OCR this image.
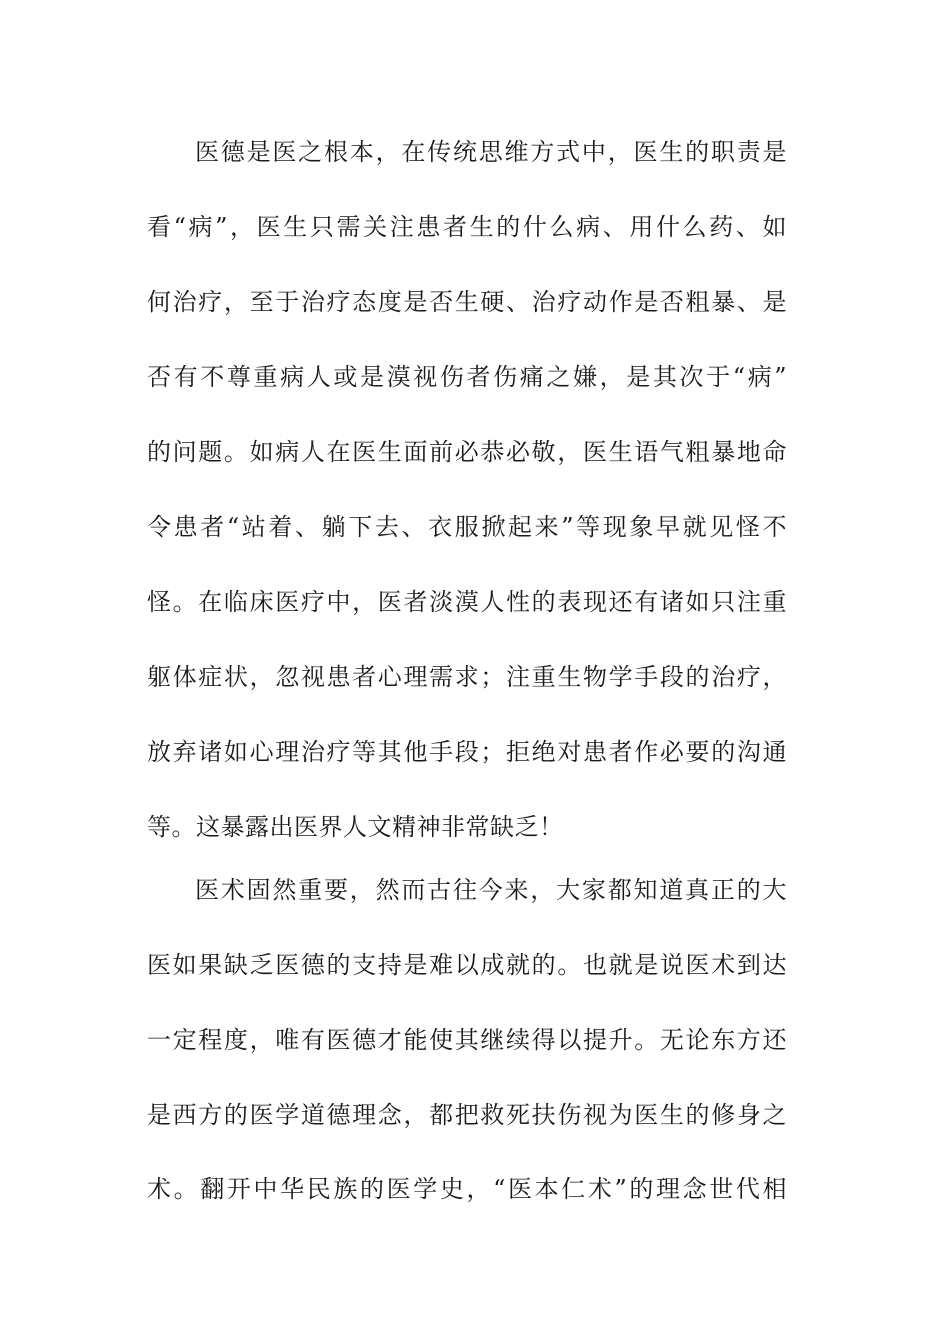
医德是医之根本，在传统思维方式中，医生的职责是
看“病”，医生只需关注患者生的什么病、用什么药、如
何治疗，至于治疗态度是否生硬、治疗动作是否粗暴、是
否有不尊重病人或是漠视伤者伤痛之嫌，是其次于“病”
的问题。如病人在医生面前必恭必敬，医生语气粗暴地命
令患者“站着、躺下去、衣服掀起来”等现象早就见怪不
怪。在临床医疗中，医者淡漠人性的表现还有诸如只注重
躯体症状，忽视患者心理需求；注重生物学手段的治疗，
放弃诸如心理治疗等其他手段；拒绝对患者作必要的沟通
等。这暴露出医界人文精神非常缺乏！
医术固然重要，然而古往今来，大家都知道真正的大
医如果缺乏医德的支持是难以成就的。也就是说医术到达
一定程度，唯有医德才能使其继续得以提升。无论东方还
是西方的医学道德理念，都把救死扶伤视为医生的修身之
术。翻开中华民族的医学史，“医本仁术”的理念世代相
